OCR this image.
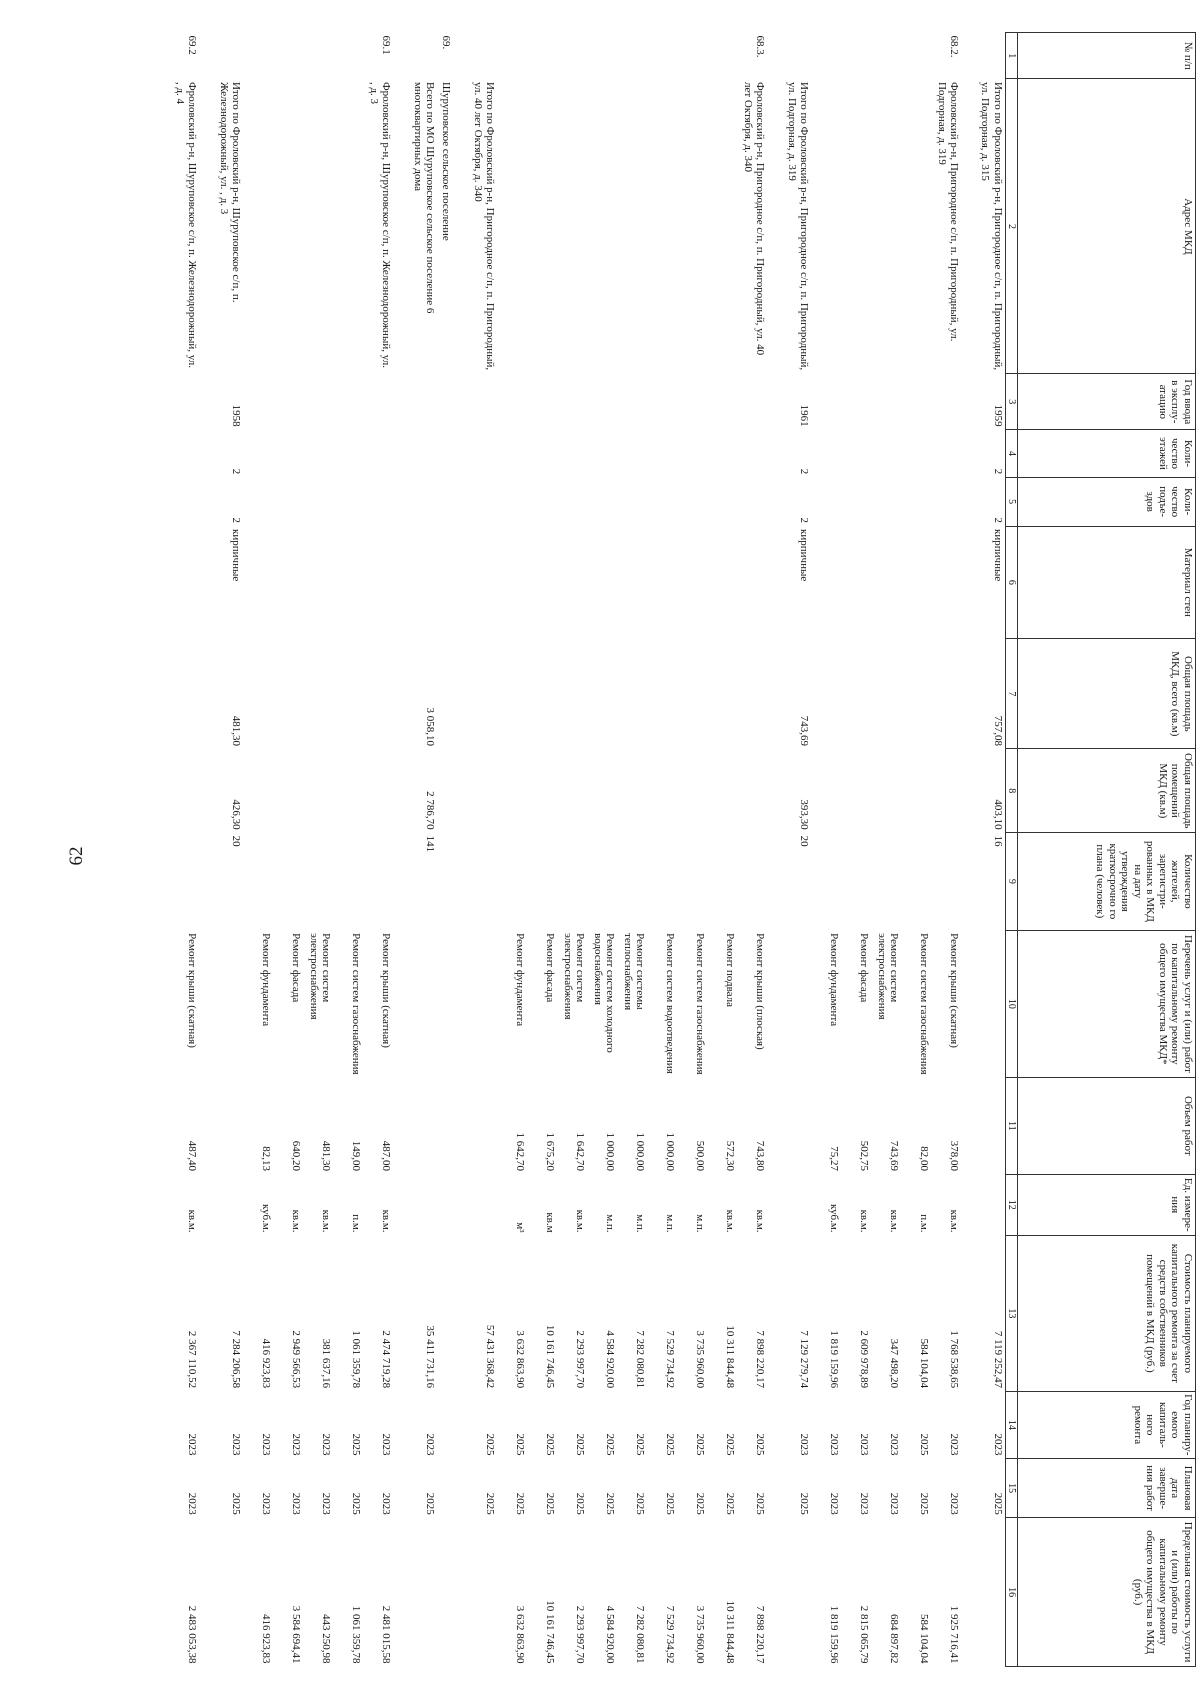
62
№ п/п	Адрес МКД	Год ввода в эксплу-атацию	Коли-чество этажей	Коли-чество подъе-здов	Материал стен	Общая площадь МКД, всего (кв.м)	Общая площадь помещений МКД (кв.м)	Количество жителей, зарегистри-рованных в МКД на дату утверждения краткосрочно го плана (человек)	Перечень услуг и (или) работ по капитальному ремонту общего имущества МКД*	Объем работ	Ед. измере-ния	Стоимость планируемого капитального ремонта за счет средств собственников помещений в МКД (руб.)	Год планиру-емого капиталь-ного ремонта	Плановая дата заверше-ния работ	Предельная стоимость услуги и (или) работы по капитальному ремонту общего имущества в МКД (руб.)
1	2	3	4	5	6	7	8	9	10	11	12	13	14	15	16
	Итого по Фроловский р-н, Пригородное с/п, п. Пригородный, ул. Подгорная, д. 315	1959	2	2	кирпичные	757,08	403,10	16				7 119 252,47	2023	2025	
68.2.	Фроловский р-н, Пригородное с/п, п. Пригородный, ул. Подгорная, д. 319								Ремонт крыши (скатная)	378,00	кв.м.	1 768 538,65	2023	2023	1 925 716,41
									Ремонт систем газоснабжения	82,00	п.м.	584 104,04	2025	2025	584 104,04
									Ремонт систем электроснабжения	743,69	кв.м.	347 498,20	2023	2023	684 897,82
									Ремонт фасада	502,75	кв.м.	2 609 978,89	2023	2023	2 815 065,79
									Ремонт фундамента	75,27	куб.м.	1 819 159,96	2023	2023	1 819 159,96
	Итого по Фроловский р-н, Пригородное с/п, п. Пригородный, ул. Подгорная, д. 319	1961	2	2	кирпичные	743,69	393,30	20				7 129 279,74	2023	2025	
68.3.	Фроловский р-н, Пригородное с/п, п. Пригородный, ул. 40 лет Октября, д. 340								Ремонт крыши (плоская)	743,80	кв.м.	7 898 220,17	2025	2025	7 898 220,17
									Ремонт подвала	572,30	кв.м.	10 311 844,48	2025	2025	10 311 844,48
									Ремонт систем газоснабжения	500,00	м.п.	3 735 960,00	2025	2025	3 735 960,00
									Ремонт систем водоотведения	1 000,00	м.п.	7 529 734,92	2025	2025	7 529 734,92
									Ремонт системы теплоснабжения	1 000,00	м.п.	7 282 080,81	2025	2025	7 282 080,81
									Ремонт систем холодного водоснабжения	1 000,00	м.п.	4 584 920,00	2025	2025	4 584 920,00
									Ремонт систем электроснабжения	1 642,70	кв.м.	2 293 997,70	2025	2025	2 293 997,70
									Ремонт фасада	1 675,20	кв.м	10 161 746,45	2025	2025	10 161 746,45
									Ремонт фундамента	1 642,70	м³	3 632 863,90	2025	2025	3 632 863,90
	Итого по Фроловский р-н, Пригородное с/п, п. Пригородный, ул. 40 лет Октября, д. 340											57 431 368,42	2025	2025	
69.	Шуруповское сельское поселение														
	Всего по МО Шуруповское сельское поселение 6 многоквартирных дома					3 058,10	2 786,70	141				35 411 731,16	2023	2025	
69.1	Фроловский р-н, Шуруповское с/п, п. Железнодорожный, ул. , д. 3								Ремонт крыши (скатная)	487,00	кв.м.	2 474 719,28	2023	2023	2 481 015,58
									Ремонт систем газоснабжения	149,00	п.м.	1 061 359,78	2025	2025	1 061 359,78
									Ремонт систем электроснабжения	481,30	кв.м.	381 637,16	2023	2023	443 250,98
									Ремонт фасада	640,20	кв.м.	2 949 566,53	2023	2023	3 584 694,41
									Ремонт фундамента	82,13	куб.м.	416 923,83	2023	2023	416 923,83
	Итого по Фроловский р-н, Шуруповское с/п, п. Железнодорожный, ул. , д. 3	1958	2	2	кирпичные	481,30	426,30	20				7 284 206,58	2023	2025	
69.2	Фроловский р-н, Шуруповское с/п, п. Железнодорожный, ул. , д. 4								Ремонт крыши (скатная)	487,40	кв.м.	2 367 110,52	2023	2023	2 483 053,38
